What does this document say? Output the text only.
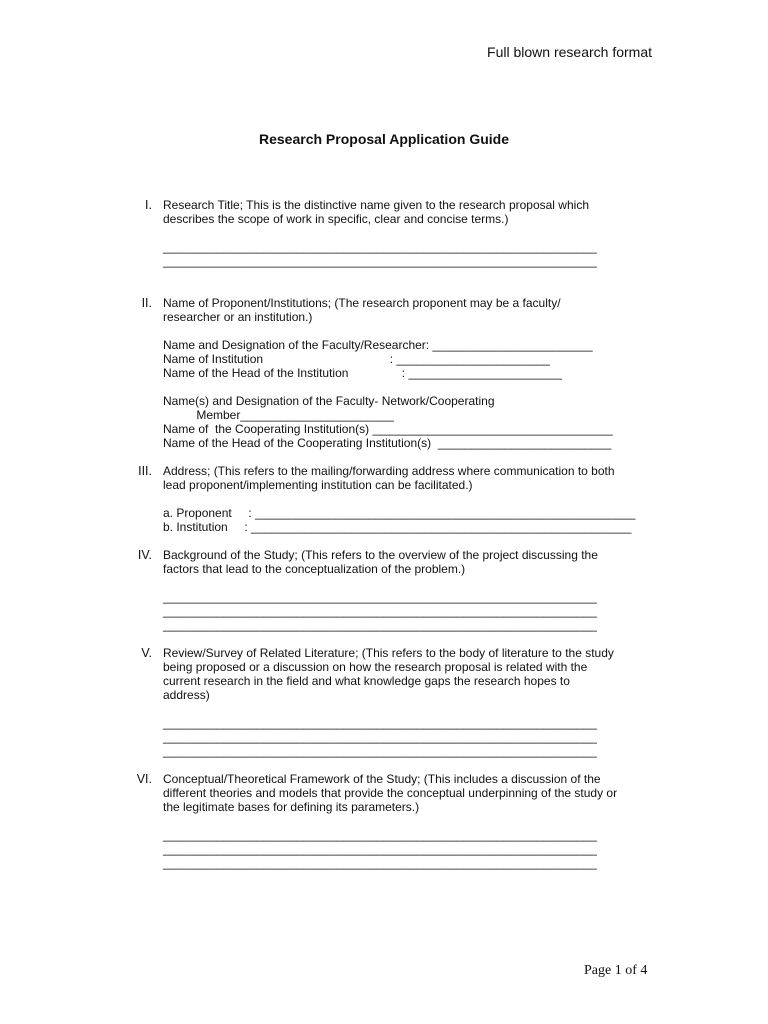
Full blown research format
Research Proposal Application Guide
I. Research Title; This is the distinctive name given to the research proposal which
describes the scope of work in specific, clear and concise terms.)
_________________________________________________________________
_________________________________________________________________
II. Name of Proponent/Institutions; (The research proponent may be a faculty/
researcher or an institution.)
Name and Designation of the Faculty/Researcher: ________________________
Name of Institution                                      : _______________________
Name of the Head of the Institution                : _______________________
Name(s) and Designation of the Faculty- Network/Cooperating
Member_______________________
Name of  the Cooperating Institution(s) ____________________________________
Name of the Head of the Cooperating Institution(s)  __________________________
III. Address; (This refers to the mailing/forwarding address where communication to both
lead proponent/implementing institution can be facilitated.)
a. Proponent     : _________________________________________________________
b. Institution     : _________________________________________________________
IV. Background of the Study; (This refers to the overview of the project discussing the
factors that lead to the conceptualization of the problem.)
_________________________________________________________________
_________________________________________________________________
_________________________________________________________________
V. Review/Survey of Related Literature; (This refers to the body of literature to the study
being proposed or a discussion on how the research proposal is related with the
current research in the field and what knowledge gaps the research hopes to
address)
_________________________________________________________________
_________________________________________________________________
_________________________________________________________________
VI. Conceptual/Theoretical Framework of the Study; (This includes a discussion of the
different theories and models that provide the conceptual underpinning of the study or
the legitimate bases for defining its parameters.)
_________________________________________________________________
_________________________________________________________________
_________________________________________________________________
Page 1 of 4
